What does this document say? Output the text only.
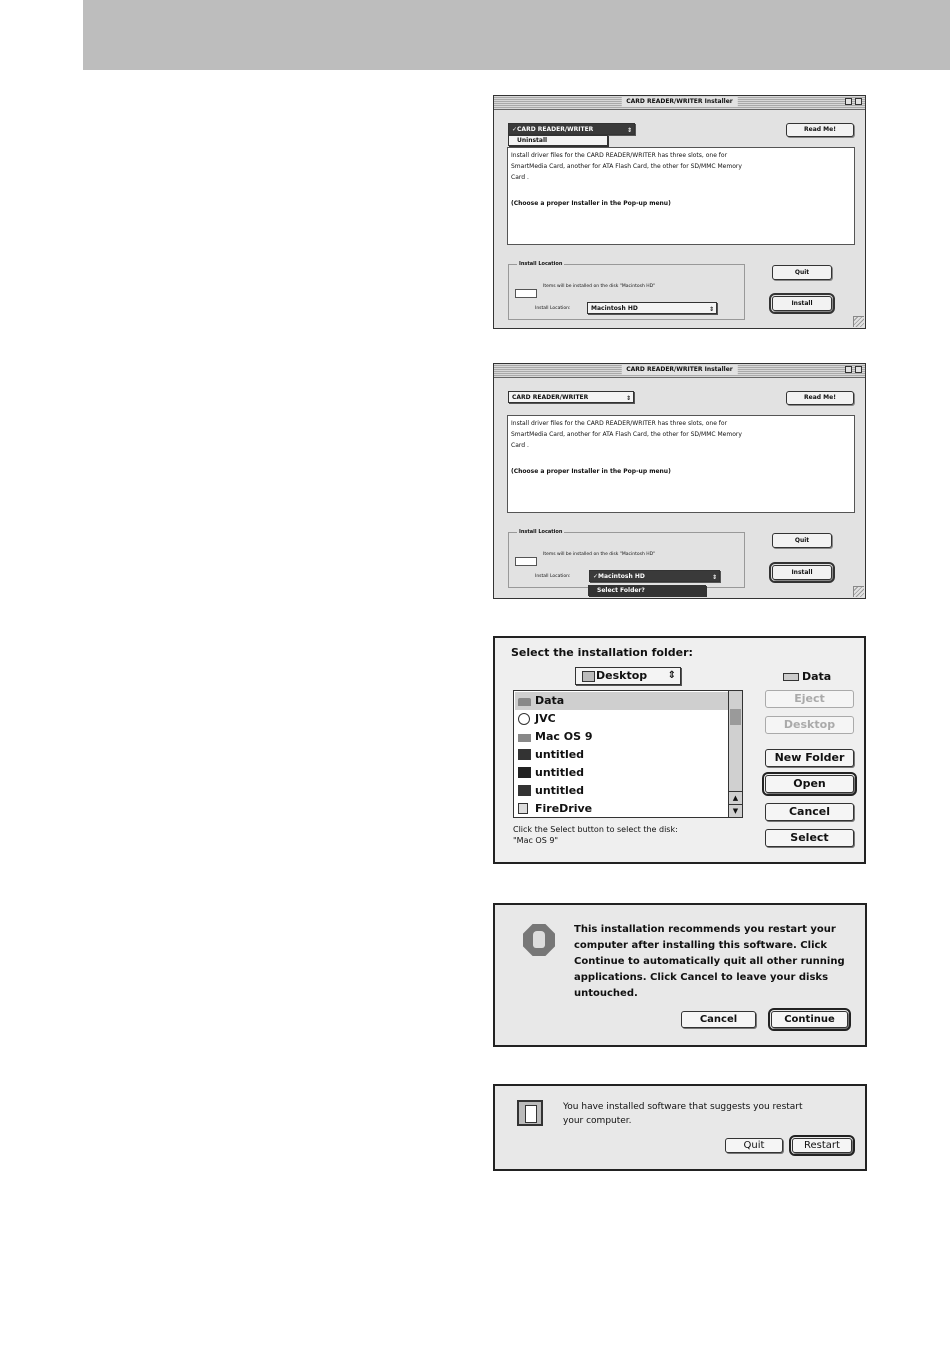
CARD READER/WRITER Installer
✓CARD READER/WRITER	⇕
Uninstall
Read Me!
Install driver files for the CARD READER/WRITER has three slots, one for
SmartMedia Card, another for ATA Flash Card, the other for SD/MMC Memory
Card .
(Choose a proper Installer in the Pop-up menu)
Install Location
Items will be installed on the disk "Macintosh HD"
Install Location:	Macintosh HD	⇕
Quit
Install
CARD READER/WRITER Installer
CARD READER/WRITER	⇕	Read Me!
Install driver files for the CARD READER/WRITER has three slots, one for
SmartMedia Card, another for ATA Flash Card, the other for SD/MMC Memory
Card .
(Choose a proper Installer in the Pop-up menu)
Install Location
Items will be installed on the disk "Macintosh HD"
Install Location:	✓Macintosh HD	⇕
Select Folder?
Quit
Install
Select the installation folder:
Desktop ⇕	Data
Data
JVC
Mac OS 9
untitled
untitled
untitled
FireDrive
▲
▼
Eject
Desktop
New Folder
Open
Cancel
Select
Click the Select button to select the disk:
"Mac OS 9"
This installation recommends you restart your
computer after installing this software. Click
Continue to automatically quit all other running
applications. Click Cancel to leave your disks
untouched.
Cancel	Continue
You have installed software that suggests you restart
your computer.
Quit	Restart
